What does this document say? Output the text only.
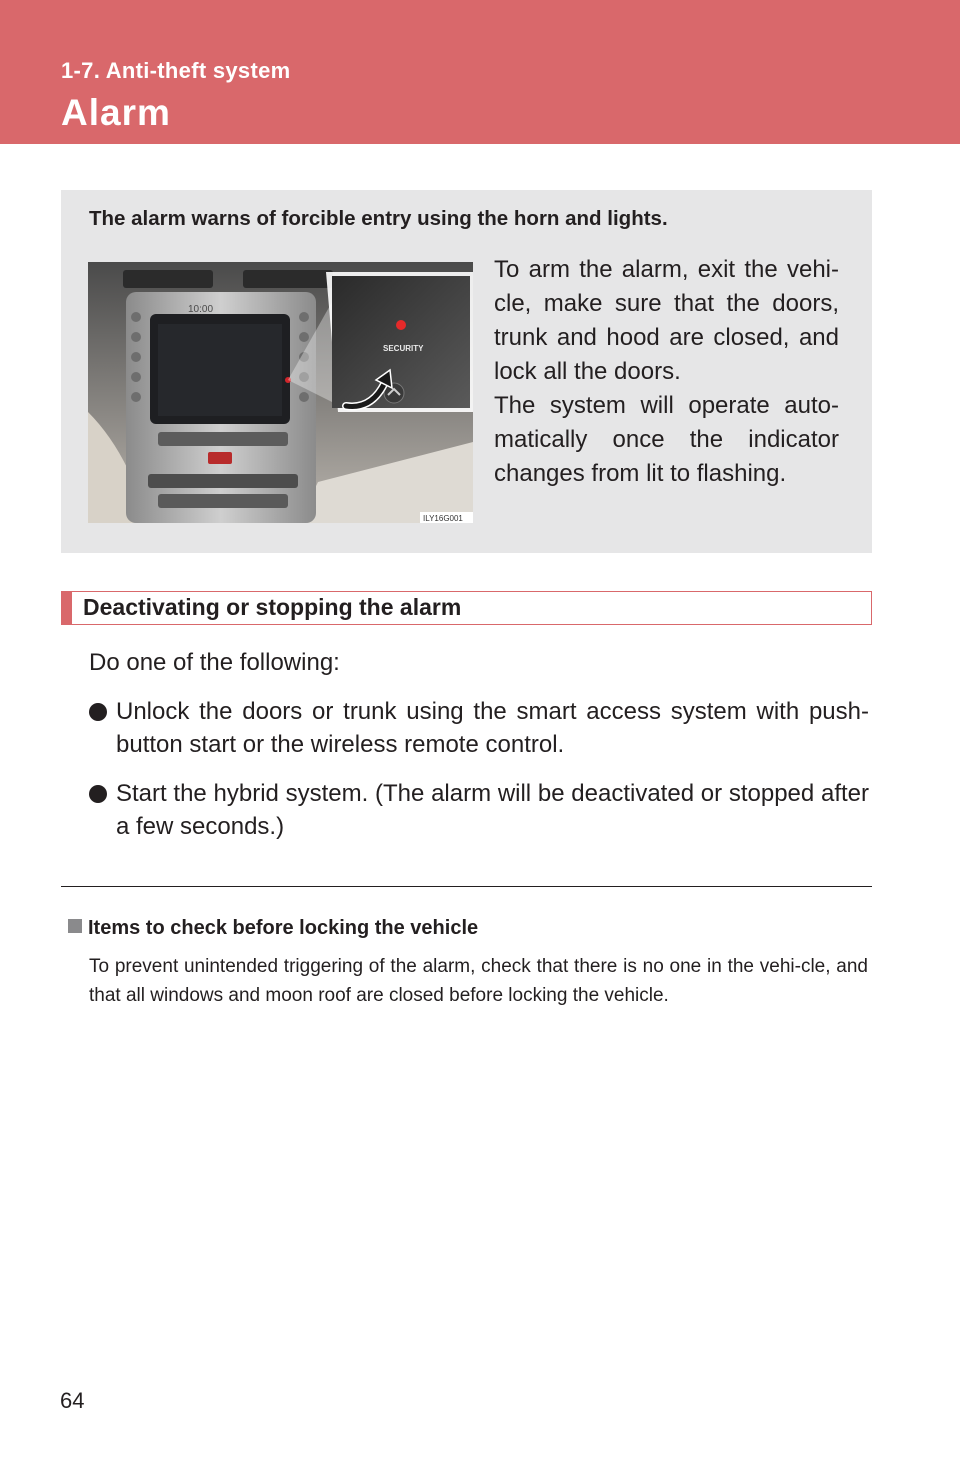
1-7. Anti-theft system
Alarm
The alarm warns of forcible entry using the horn and lights.
10:00
SECURITY
ILY16G001

To arm the alarm, exit the vehi-cle, make sure that the doors, trunk and hood are closed, and lock all the doors.

The system will operate auto-matically once the indicator changes from lit to flashing.

Deactivating or stopping the alarm

Do one of the following:

Unlock the doors or trunk using the smart access system with push-button start or the wireless remote control.
Start the hybrid system. (The alarm will be deactivated or stopped after a few seconds.)
Items to check before locking the vehicle
To prevent unintended triggering of the alarm, check that there is no one in the vehi-cle, and that all windows and moon roof are closed before locking the vehicle.
64
